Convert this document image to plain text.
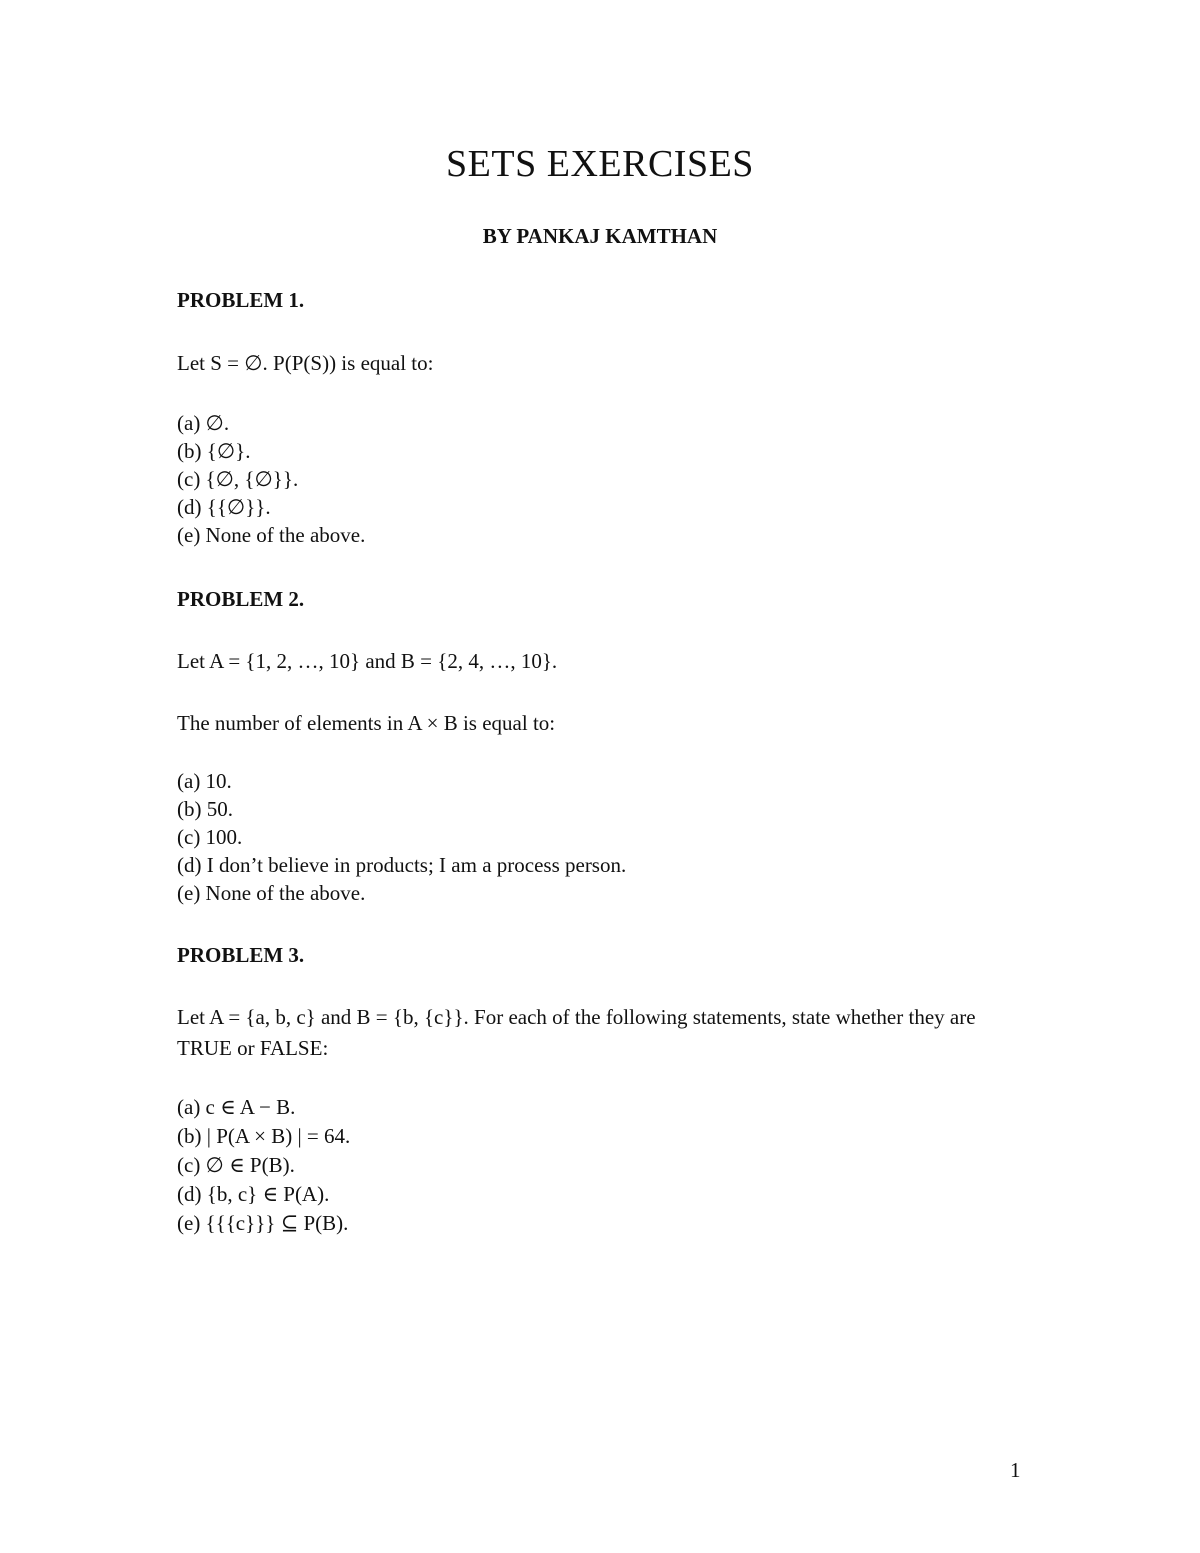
SETS EXERCISES
BY PANKAJ KAMTHAN
PROBLEM 1.
Let S = ∅. P(P(S)) is equal to:
(a) ∅.
(b) {∅}.
(c) {∅, {∅}}.
(d) {{∅}}.
(e) None of the above.
PROBLEM 2.
Let A = {1, 2, …, 10} and B = {2, 4, …, 10}.
The number of elements in A × B is equal to:
(a) 10.
(b) 50.
(c) 100.
(d) I don’t believe in products; I am a process person.
(e) None of the above.
PROBLEM 3.
Let A = {a, b, c} and B = {b, {c}}. For each of the following statements, state whether they are TRUE or FALSE:
(a) c ∈ A − B.
(b) | P(A × B) | = 64.
(c) ∅ ∈ P(B).
(d) {b, c} ∈ P(A).
(e) {{{c}}} ⊆ P(B).
1
